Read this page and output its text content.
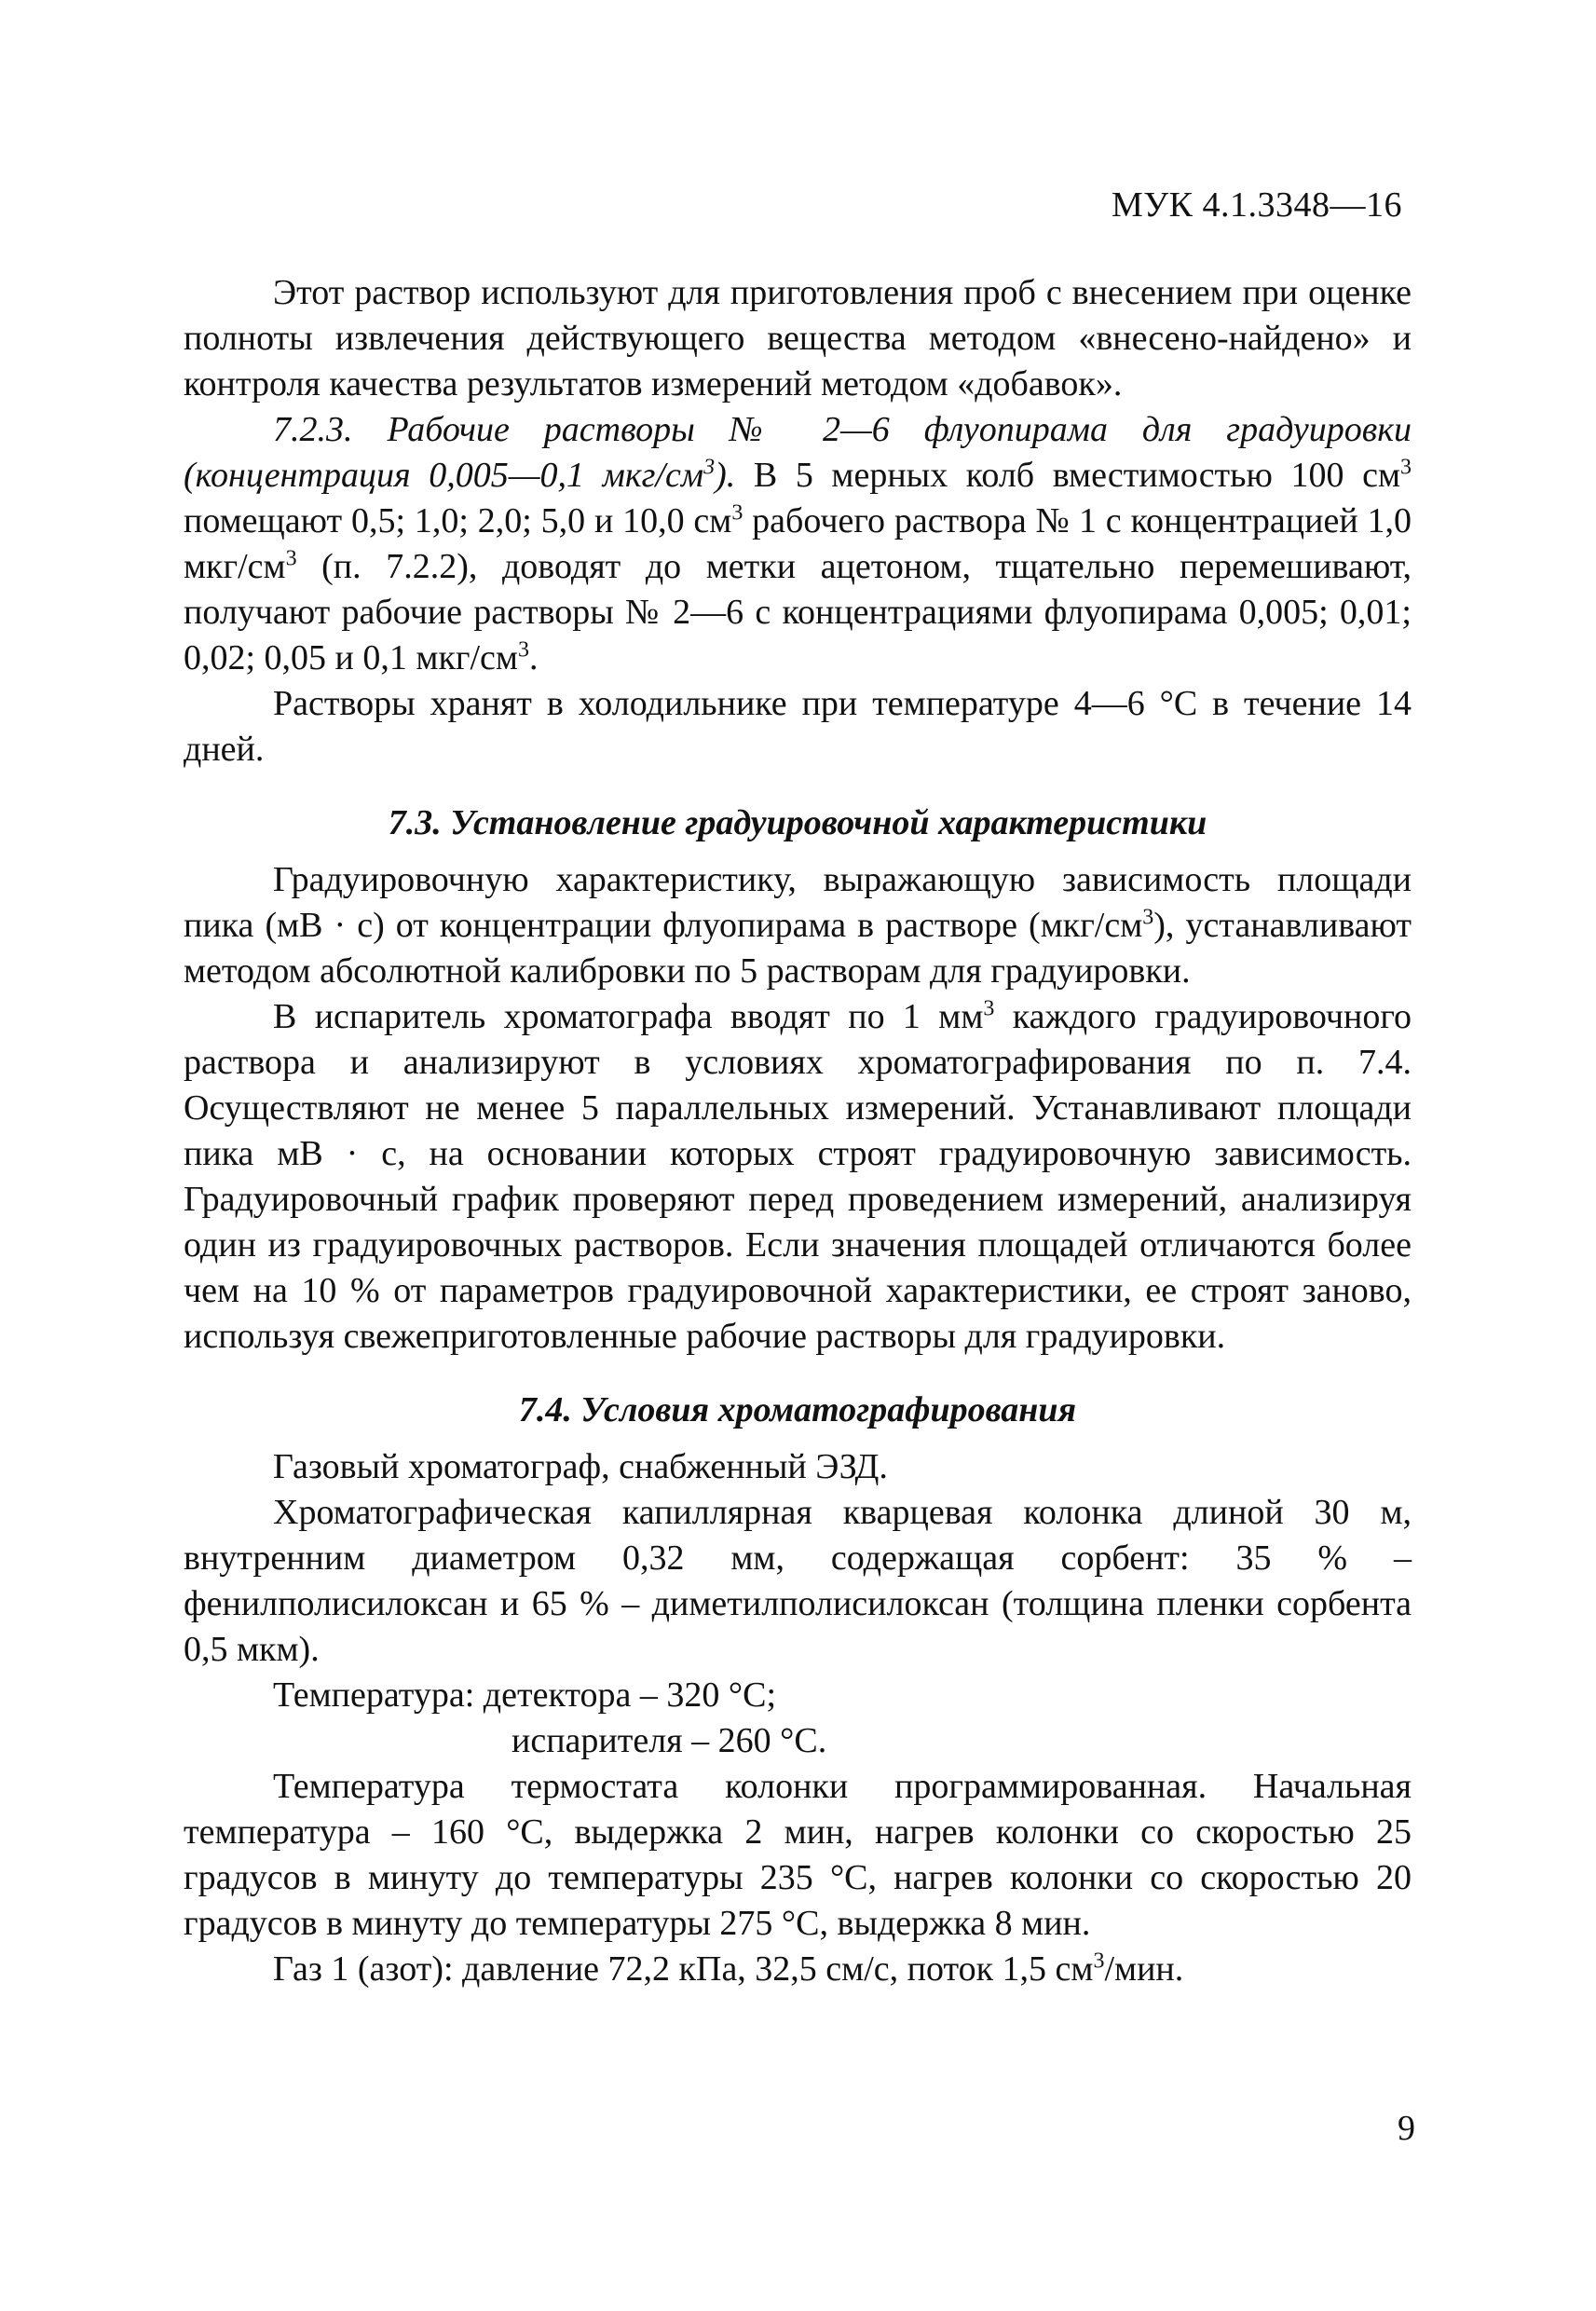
МУК 4.1.3348—16

Этот раствор используют для приготовления проб с внесением при оценке полноты извлечения действующего вещества методом «внесено-найдено» и контроля качества результатов измерений методом «добавок».

7.2.3. Рабочие растворы № 2—6 флуопирама для градуировки (концентрация 0,005—0,1 мкг/$см^3$). В 5 мерных колб вместимостью 100 $см^3$ помещают 0,5; 1,0; 2,0; 5,0 и 10,0 $см^3$ рабочего раствора № 1 с концентрацией 1,0 мкг/$см^3$ (п. 7.2.2), доводят до метки ацетоном, тщательно перемешивают, получают рабочие растворы № 2—6 с концентрациями флуопирама 0,005; 0,01; 0,02; 0,05 и 0,1 мкг/$см^3$.

Растворы хранят в холодильнике при температуре 4—6 °С в течение 14 дней.

7.3. Установление градуировочной характеристики

Градуировочную характеристику, выражающую зависимость площади пика (мВ · с) от концентрации флуопирама в растворе $(мкг/см^3)$, устанавливают методом абсолютной калибровки по 5 растворам для градуировки.

В испаритель хроматографа вводят по 1 $мм^3$ каждого градуировочного раствора и анализируют в условиях хроматографирования по п. 7.4. Осуществляют не менее 5 параллельных измерений. Устанавливают площади пика мВ · с, на основании которых строят градуировочную зависимость. Градуировочный график проверяют перед проведением измерений, анализируя один из градуировочных растворов. Если значения площадей отличаются более чем на 10 % от параметров градуировочной характеристики, ее строят заново, используя свежеприготовленные рабочие растворы для градуировки.

7.4. Условия хроматографирования

Газовый хроматограф, снабженный ЭЗД.

Хроматографическая капиллярная кварцевая колонка длиной 30 м, внутренним диаметром 0,32 мм, содержащая сорбент: 35 % – фенилполисилоксан и 65 % – диметилполисилоксан (толщина пленки сорбента 0,5 мкм).

Температура: детектора – 320 °С;

испарителя – 260 °С.

Температура термостата колонки программированная. Начальная температура – 160 °С, выдержка 2 мин, нагрев колонки со скоростью 25 градусов в минуту до температуры 235 °С, нагрев колонки со скоростью 20 градусов в минуту до температуры 275 °С, выдержка 8 мин.

Газ 1 (азот): давление 72,2 кПа, 32,5 см/с, поток 1,5 $см^3$/мин.

9
